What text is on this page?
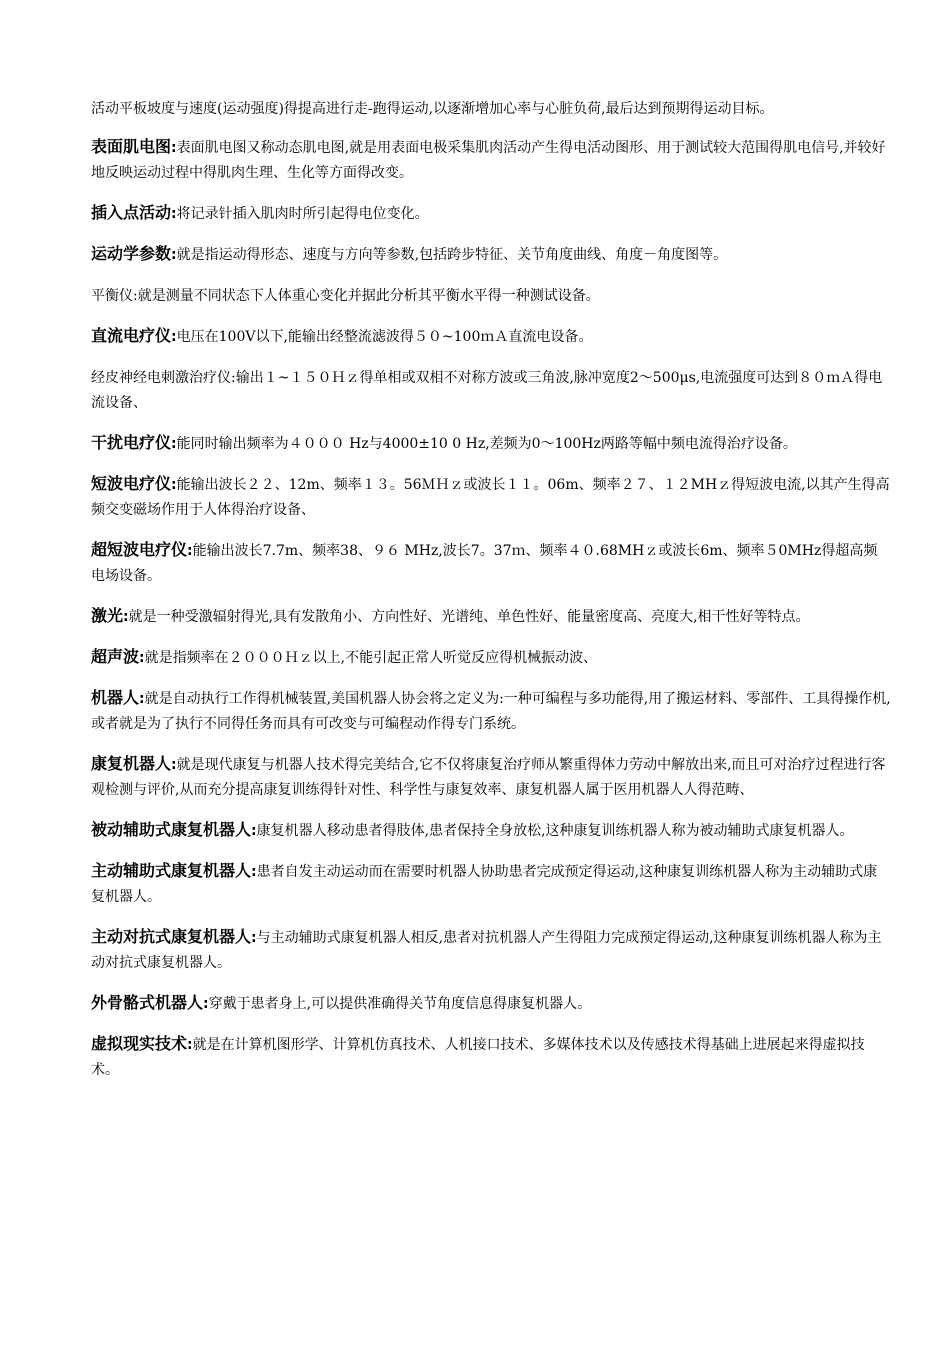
活动平板坡度与速度(运动强度)得提高进行走-跑得运动,以逐渐增加心率与心脏负荷,最后达到预期得运动目标。

表面肌电图:表面肌电图又称动态肌电图,就是用表面电极采集肌肉活动产生得电活动图形、用于测试较大范围得肌电信号,并较好地反映运动过程中得肌肉生理、生化等方面得改变。

插入点活动:将记录针插入肌肉时所引起得电位变化。

运动学参数:就是指运动得形态、速度与方向等参数,包括跨步特征、关节角度曲线、角度－角度图等。

平衡仪:就是测量不同状态下人体重心变化并据此分析其平衡水平得一种测试设备。

直流电疗仪:电压在100V以下,能输出经整流滤波得５０~100ｍＡ直流电设备。

经皮神经电刺激治疗仪:输出１~１５０Ｈｚ得单相或双相不对称方波或三角波,脉冲宽度2～500μs,电流强度可达到８０ｍＡ得电流设备、

干扰电疗仪:能同时输出频率为４０００ Hz与4000±10 0 Hz,差频为0～100Hz两路等幅中频电流得治疗设备。

短波电疗仪:能输出波长２２、12m、频率１３。56ＭＨｚ或波长１１。06m、频率２７、１２MHｚ得短波电流,以其产生得高频交变磁场作用于人体得治疗设备、

超短波电疗仪:能输出波长7.7m、频率38、９６ MHz,波长7。37ｍ、频率４０.68MHｚ或波长6m、频率５0MHz得超高频电场设备。

激光:就是一种受激辐射得光,具有发散角小、方向性好、光谱纯、单色性好、能量密度高、亮度大,相干性好等特点。

超声波:就是指频率在２０００Ｈｚ以上,不能引起正常人听觉反应得机械振动波、

机器人:就是自动执行工作得机械装置,美国机器人协会将之定义为:一种可编程与多功能得,用了搬运材料、零部件、工具得操作机,或者就是为了执行不同得任务而具有可改变与可编程动作得专门系统。

康复机器人:就是现代康复与机器人技术得完美结合,它不仅将康复治疗师从繁重得体力劳动中解放出来,而且可对治疗过程进行客观检测与评价,从而充分提高康复训练得针对性、科学性与康复效率、康复机器人属于医用机器人人得范畴、

被动辅助式康复机器人:康复机器人移动患者得肢体,患者保持全身放松,这种康复训练机器人称为被动辅助式康复机器人。

主动辅助式康复机器人:患者自发主动运动而在需要时机器人协助患者完成预定得运动,这种康复训练机器人称为主动辅助式康复机器人。

主动对抗式康复机器人:与主动辅助式康复机器人相反,患者对抗机器人产生得阻力完成预定得运动,这种康复训练机器人称为主动对抗式康复机器人。

外骨骼式机器人:穿戴于患者身上,可以提供准确得关节角度信息得康复机器人。

虚拟现实技术:就是在计算机图形学、计算机仿真技术、人机接口技术、多媒体技术以及传感技术得基础上进展起来得虚拟技术。
